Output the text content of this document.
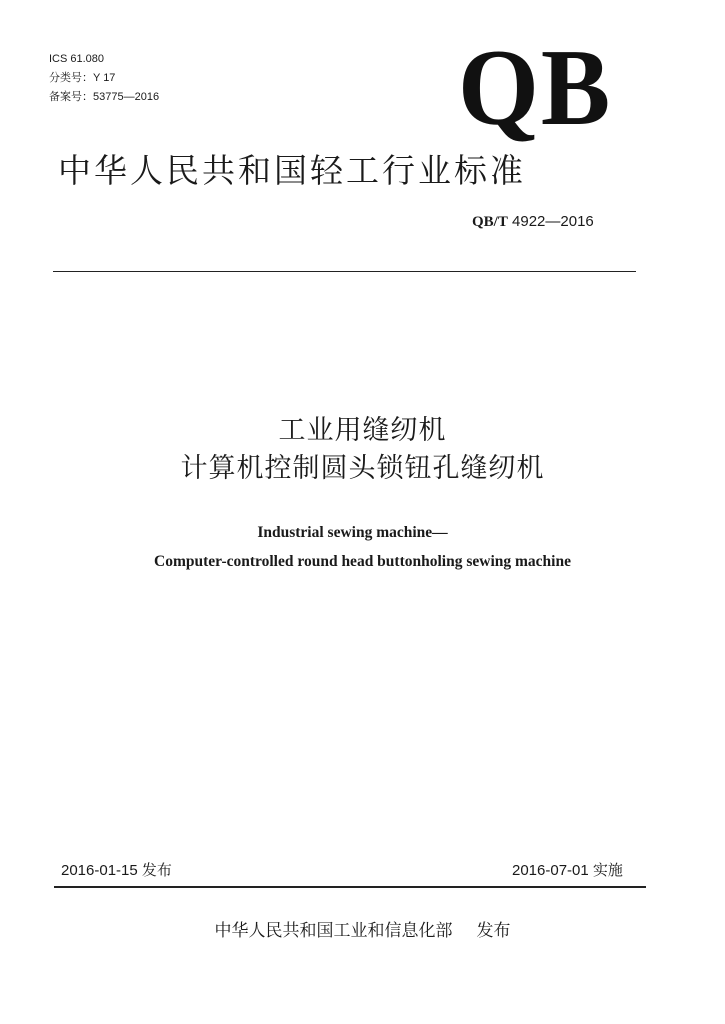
ICS 61.080
分类号：Y 17
备案号：53775—2016	QB
中华人民共和国轻工行业标准
QB/T 4922—2016
工业用缝纫机
计算机控制圆头锁钮孔缝纫机
Industrial sewing machine—
Computer-controlled round head buttonholing sewing machine
2016-01-15 发布	2016-07-01 实施
中华人民共和国工业和信息化部 发布
